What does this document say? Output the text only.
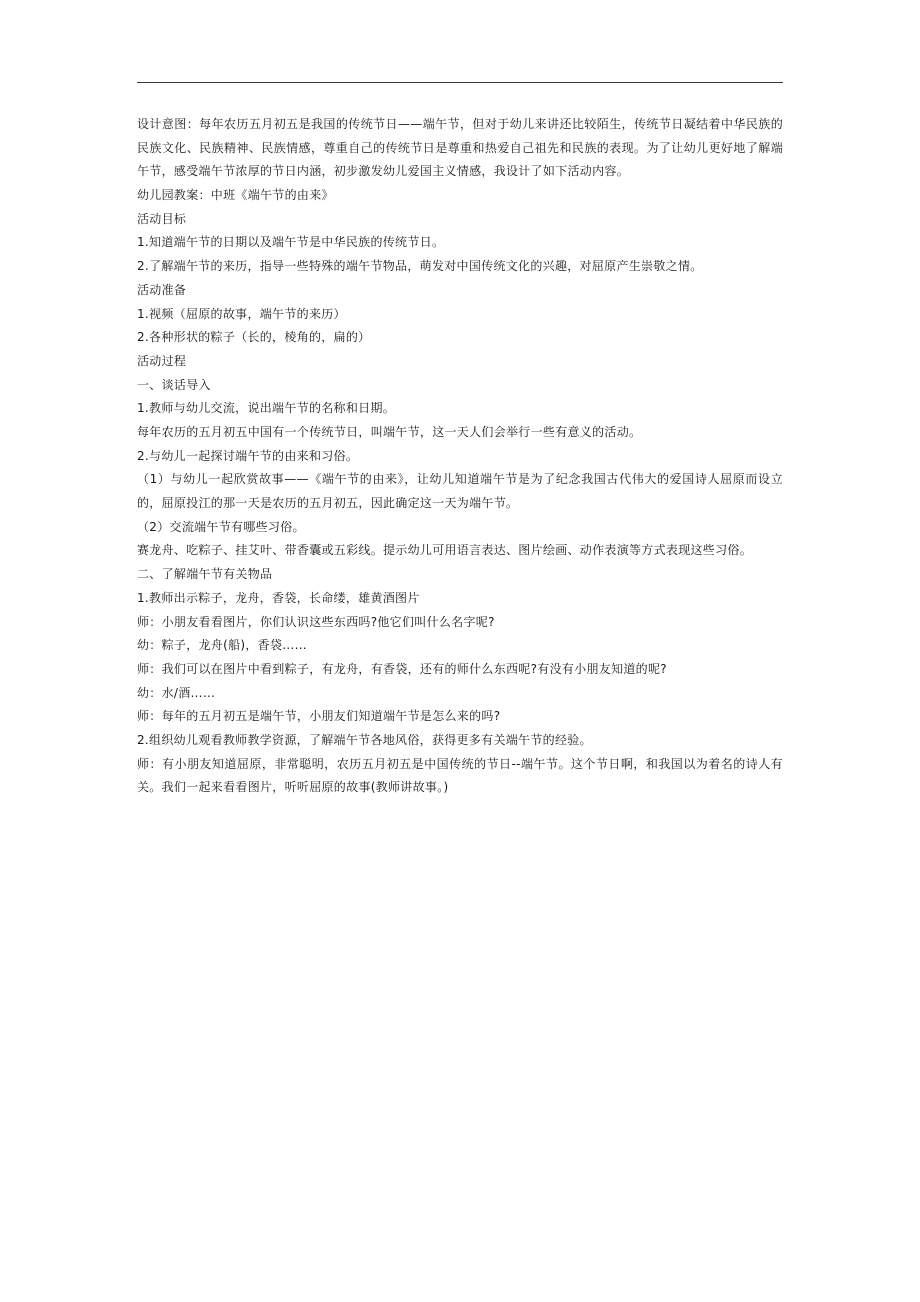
设计意图：每年农历五月初五是我国的传统节日——端午节，但对于幼儿来讲还比较陌生，传统节日凝结着中华民族的民族文化、民族精神、民族情感，尊重自己的传统节日是尊重和热爱自己祖先和民族的表现。为了让幼儿更好地了解端午节，感受端午节浓厚的节日内涵，初步激发幼儿爱国主义情感，我设计了如下活动内容。
幼儿园教案：中班《端午节的由来》
活动目标
1.知道端午节的日期以及端午节是中华民族的传统节日。
2.了解端午节的来历，指导一些特殊的端午节物品，萌发对中国传统文化的兴趣，对屈原产生崇敬之情。
活动准备
1.视频（屈原的故事，端午节的来历）
2.各种形状的粽子（长的，棱角的，扁的）
活动过程
一、谈话导入
1.教师与幼儿交流，说出端午节的名称和日期。
每年农历的五月初五中国有一个传统节日，叫端午节，这一天人们会举行一些有意义的活动。
2.与幼儿一起探讨端午节的由来和习俗。
（1）与幼儿一起欣赏故事——《端午节的由来》，让幼儿知道端午节是为了纪念我国古代伟大的爱国诗人屈原而设立的，屈原投江的那一天是农历的五月初五，因此确定这一天为端午节。
（2）交流端午节有哪些习俗。
赛龙舟、吃粽子、挂艾叶、带香囊或五彩线。提示幼儿可用语言表达、图片绘画、动作表演等方式表现这些习俗。
二、了解端午节有关物品
1.教师出示粽子，龙舟，香袋，长命缕，雄黄酒图片
师：小朋友看看图片，你们认识这些东西吗?他它们叫什么名字呢?
幼：粽子，龙舟(船)，香袋……
师：我们可以在图片中看到粽子，有龙舟，有香袋，还有的师什么东西呢?有没有小朋友知道的呢?
幼：水/酒……
师：每年的五月初五是端午节，小朋友们知道端午节是怎么来的吗?
2.组织幼儿观看教师教学资源，了解端午节各地风俗，获得更多有关端午节的经验。
师：有小朋友知道屈原，非常聪明，农历五月初五是中国传统的节日--端午节。这个节日啊，和我国以为着名的诗人有关。我们一起来看看图片，听听屈原的故事(教师讲故事。)
